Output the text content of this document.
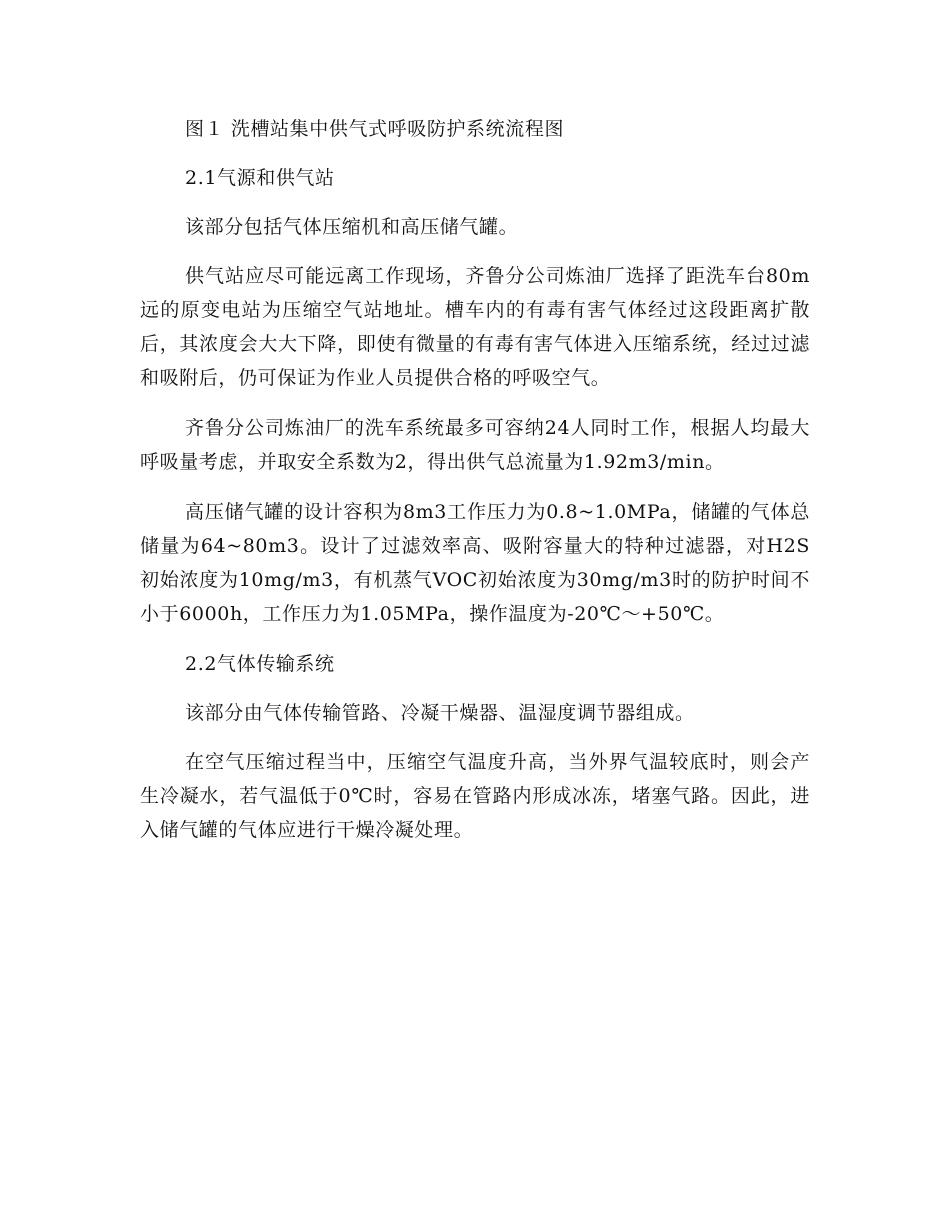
图１ 洗槽站集中供气式呼吸防护系统流程图

2.1气源和供气站

该部分包括气体压缩机和高压储气罐。

供气站应尽可能远离工作现场，齐鲁分公司炼油厂选择了距洗车台80m远的原变电站为压缩空气站地址。槽车内的有毒有害气体经过这段距离扩散后，其浓度会大大下降，即使有微量的有毒有害气体进入压缩系统，经过过滤和吸附后，仍可保证为作业人员提供合格的呼吸空气。

齐鲁分公司炼油厂的洗车系统最多可容纳24人同时工作，根据人均最大呼吸量考虑，并取安全系数为2，得出供气总流量为1.92m3/min。

高压储气罐的设计容积为8m3工作压力为0.8~1.0MPa，储罐的气体总储量为64~80m3。设计了过滤效率高、吸附容量大的特种过滤器，对H2S初始浓度为10mg/m3，有机蒸气VOC初始浓度为30mg/m3时的防护时间不小于6000h，工作压力为1.05MPa，操作温度为-20℃～+50℃。

2.2气体传输系统

该部分由气体传输管路、冷凝干燥器、温湿度调节器组成。

在空气压缩过程当中，压缩空气温度升高，当外界气温较底时，则会产生冷凝水，若气温低于0℃时，容易在管路内形成冰冻，堵塞气路。因此，进入储气罐的气体应进行干燥冷凝处理。
